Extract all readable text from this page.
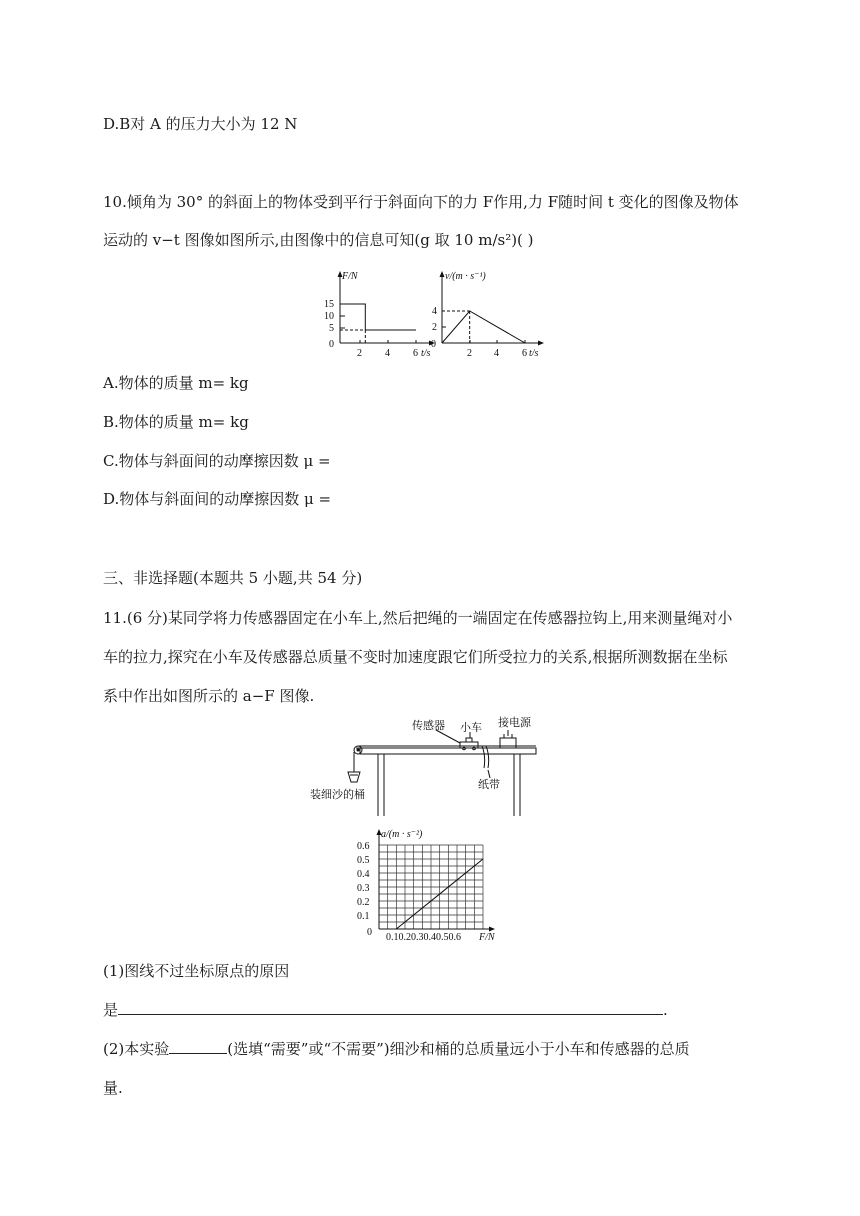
D.B对 A 的压力大小为 12 N
10.倾角为 30° 的斜面上的物体受到平行于斜面向下的力 F作用,力 F随时间 t 变化的图像及物体
运动的 v−t 图像如图所示,由图像中的信息可知(g 取 10 m/s²)( )
F/N
15
10
5
0
2 4 6 t/s
v/(m · s⁻¹)
4
2
0
2 4 6 t/s
A.物体的质量 m= kg
B.物体的质量 m= kg
C.物体与斜面间的动摩擦因数 μ =
D.物体与斜面间的动摩擦因数 μ =
三、非选择题(本题共 5 小题,共 54 分)
11.(6 分)某同学将力传感器固定在小车上,然后把绳的一端固定在传感器拉钩上,用来测量绳对小
车的拉力,探究在小车及传感器总质量不变时加速度跟它们所受拉力的关系,根据所测数据在坐标
系中作出如图所示的 a−F 图像.
传感器 小车 接电源
纸带
装细沙的桶
a/(m · s⁻²)
0.6
0.5
0.4
0.3
0.2
0.1
0 0.10.20.30.40.50.6 F/N
(1)图线不过坐标原点的原因
是	.
(2)本实验	(选填“需要”或“不需要”)细沙和桶的总质量远小于小车和传感器的总质
量.
